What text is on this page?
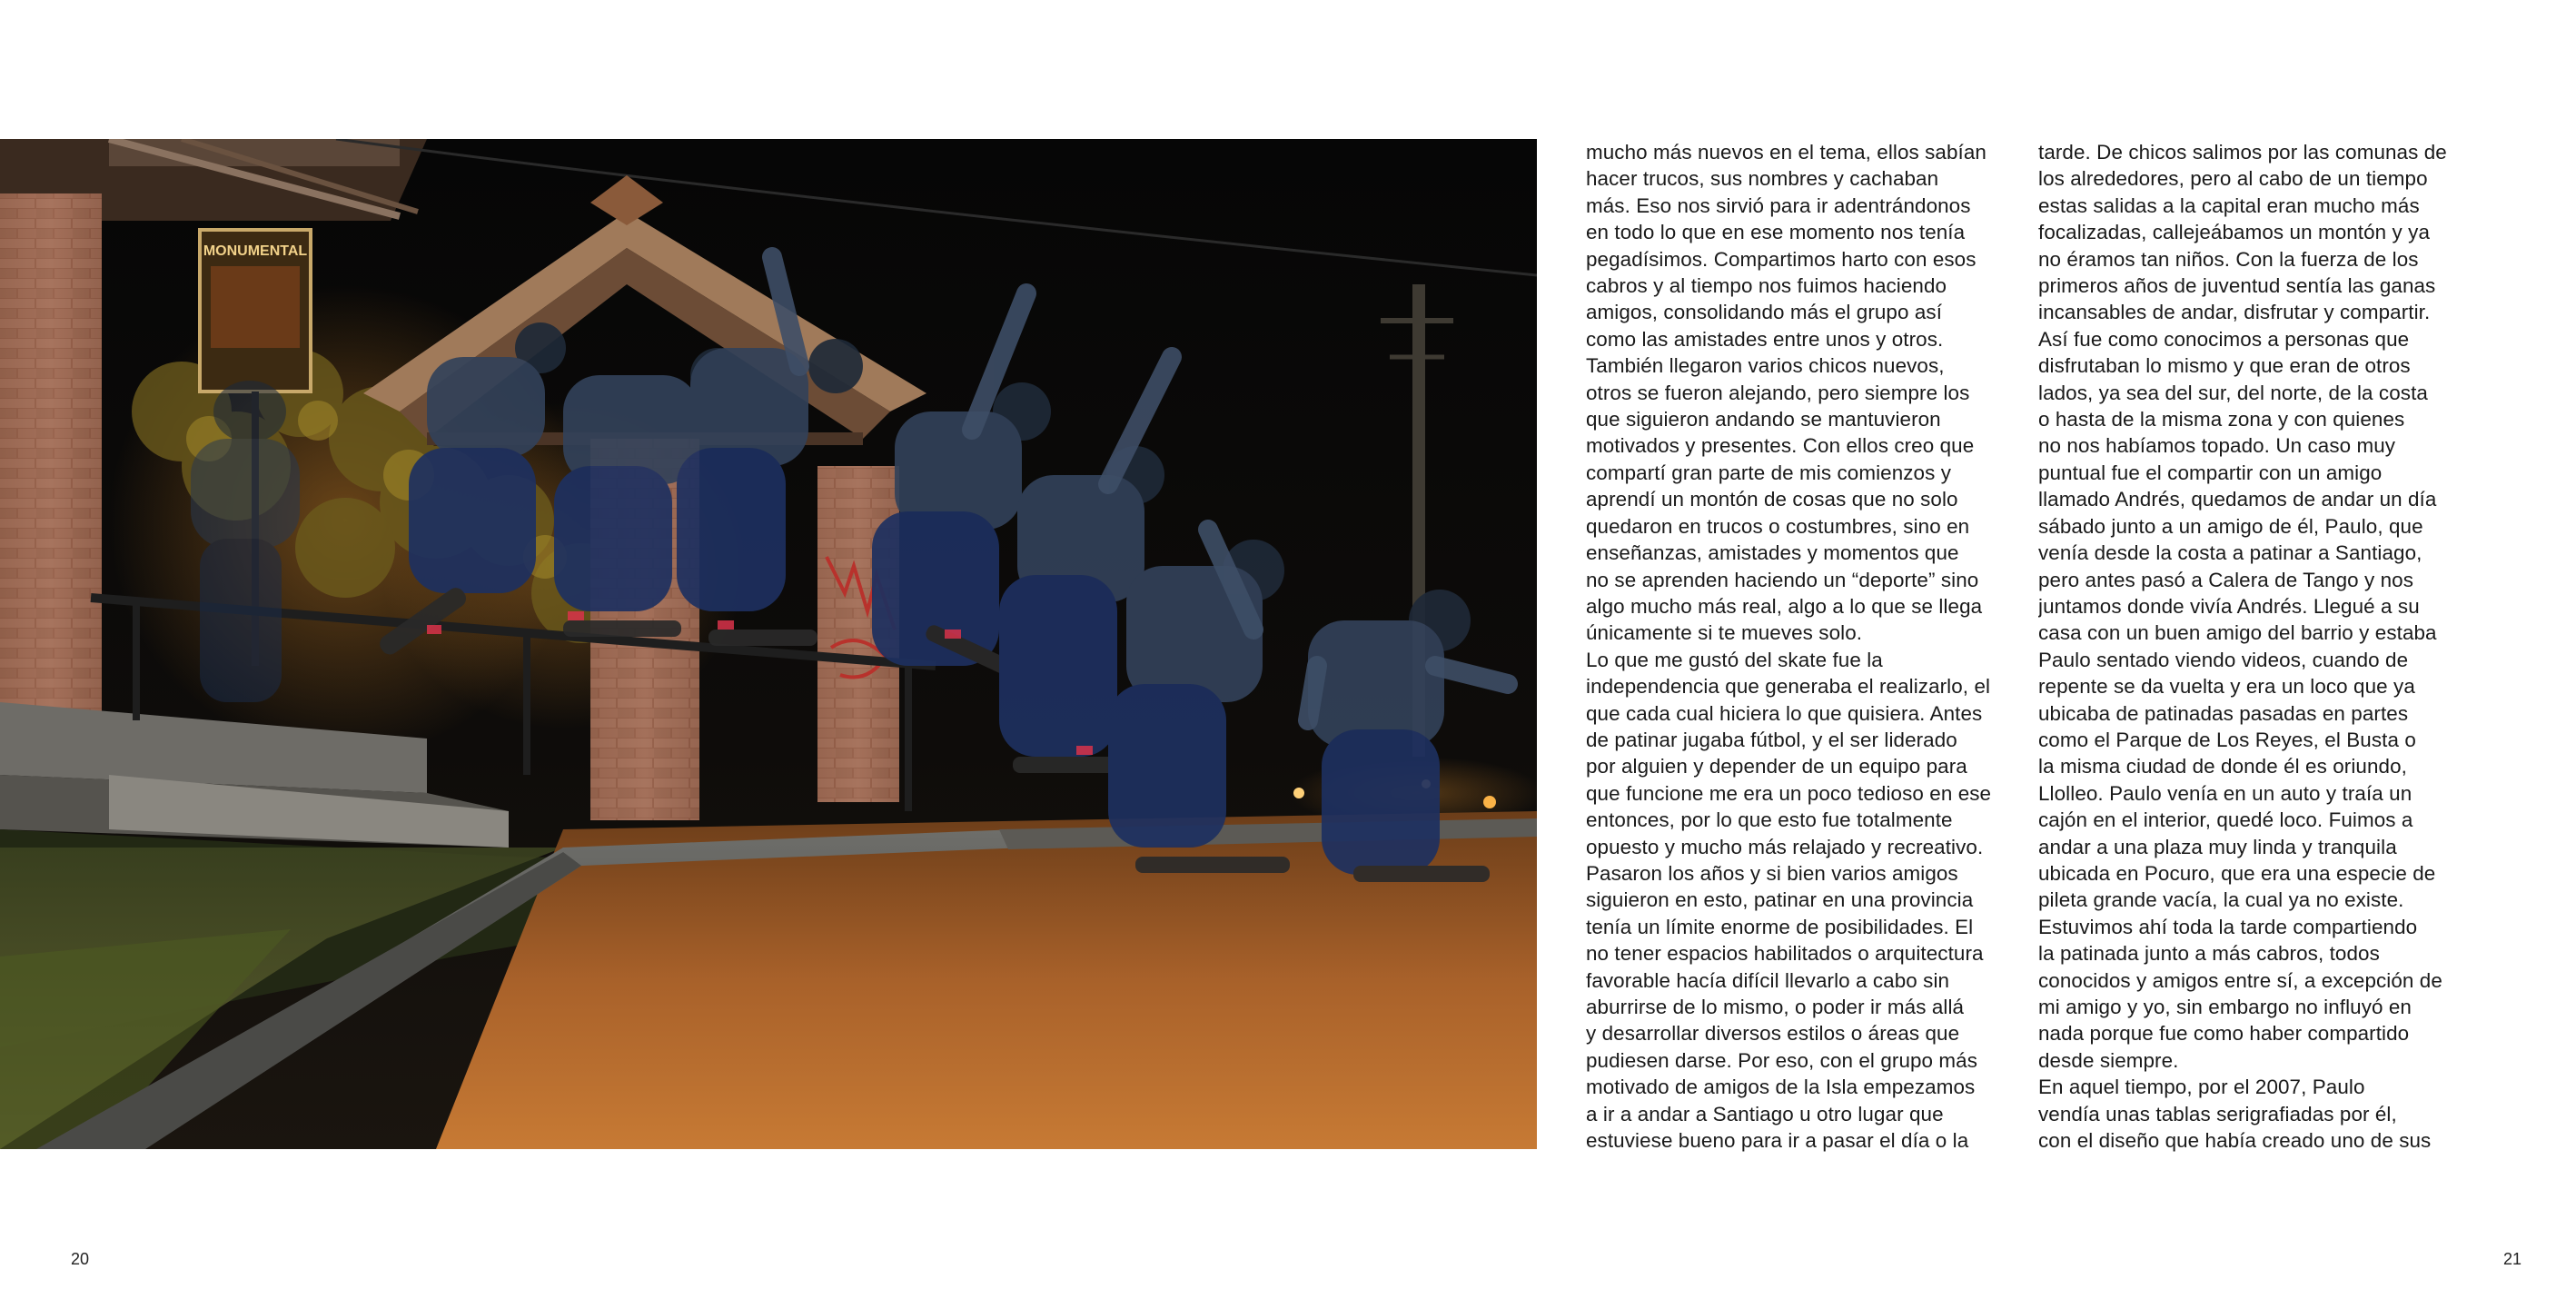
MONUMENTAL
mucho más nuevos en el tema, ellos sabían
hacer trucos, sus nombres y cachaban
más. Eso nos sirvió para ir adentrándonos
en todo lo que en ese momento nos tenía
pegadísimos. Compartimos harto con esos
cabros y al tiempo nos fuimos haciendo
amigos, consolidando más el grupo así
como las amistades entre unos y otros.
También llegaron varios chicos nuevos,
otros se fueron alejando, pero siempre los
que siguieron andando se mantuvieron
motivados y presentes. Con ellos creo que
compartí gran parte de mis comienzos y
aprendí un montón de cosas que no solo
quedaron en trucos o costumbres, sino en
enseñanzas, amistades y momentos que
no se aprenden haciendo un “deporte” sino
algo mucho más real, algo a lo que se llega
únicamente si te mueves solo.
Lo que me gustó del skate fue la
independencia que generaba el realizarlo, el
que cada cual hiciera lo que quisiera. Antes
de patinar jugaba fútbol, y el ser liderado
por alguien y depender de un equipo para
que funcione me era un poco tedioso en ese
entonces, por lo que esto fue totalmente
opuesto y mucho más relajado y recreativo.
Pasaron los años y si bien varios amigos
siguieron en esto, patinar en una provincia
tenía un límite enorme de posibilidades. El
no tener espacios habilitados o arquitectura
favorable hacía difícil llevarlo a cabo sin
aburrirse de lo mismo, o poder ir más allá
y desarrollar diversos estilos o áreas que
pudiesen darse. Por eso, con el grupo más
motivado de amigos de la Isla empezamos
a ir a andar a Santiago u otro lugar que
estuviese bueno para ir a pasar el día o la
tarde. De chicos salimos por las comunas de
los alrededores, pero al cabo de un tiempo
estas salidas a la capital eran mucho más
focalizadas, callejeábamos un montón y ya
no éramos tan niños. Con la fuerza de los
primeros años de juventud sentía las ganas
incansables de andar, disfrutar y compartir.
Así fue como conocimos a personas que
disfrutaban lo mismo y que eran de otros
lados, ya sea del sur, del norte, de la costa
o hasta de la misma zona y con quienes
no nos habíamos topado. Un caso muy
puntual fue el compartir con un amigo
llamado Andrés, quedamos de andar un día
sábado junto a un amigo de él, Paulo, que
venía desde la costa a patinar a Santiago,
pero antes pasó a Calera de Tango y nos
juntamos donde vivía Andrés. Llegué a su
casa con un buen amigo del barrio y estaba
Paulo sentado viendo videos, cuando de
repente se da vuelta y era un loco que ya
ubicaba de patinadas pasadas en partes
como el Parque de Los Reyes, el Busta o
la misma ciudad de donde él es oriundo,
Llolleo. Paulo venía en un auto y traía un
cajón en el interior, quedé loco. Fuimos a
andar a una plaza muy linda y tranquila
ubicada en Pocuro, que era una especie de
pileta grande vacía, la cual ya no existe.
Estuvimos ahí toda la tarde compartiendo
la patinada junto a más cabros, todos
conocidos y amigos entre sí, a excepción de
mi amigo y yo, sin embargo no influyó en
nada porque fue como haber compartido
desde siempre.
En aquel tiempo, por el 2007, Paulo
vendía unas tablas serigrafiadas por él,
con el diseño que había creado uno de sus
20	21
